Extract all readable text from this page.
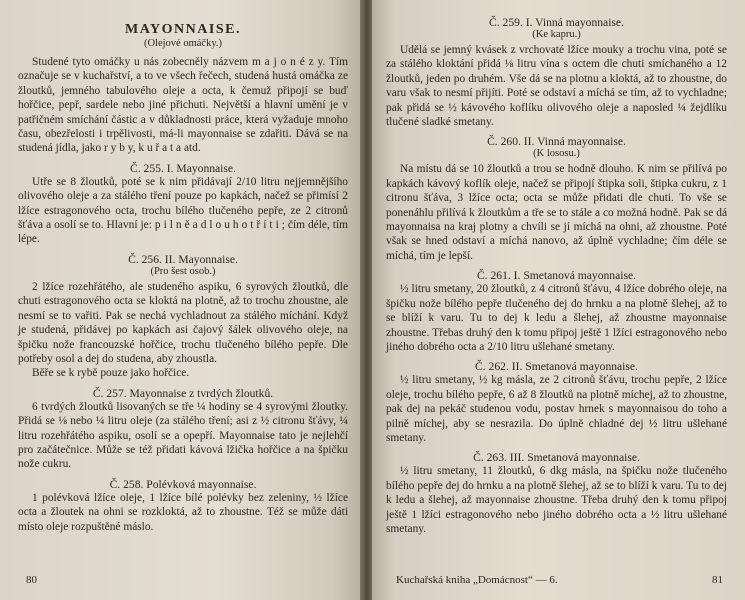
MAYONNAISE.
(Olejové omáčky.)

Studené tyto omáčky u nás zobecněly názvem m a j o n é z y. Tím označuje se v kuchařství, a to ve všech řečech, studená hustá omáčka ze žloutků, jemného tabulového oleje a octa, k čemuž připojí se buď hořčice, pepř, sardele nebo jiné přichuti. Největší a hlavní umění je v patřičném smíchání částic a v důkladnosti práce, která vyžaduje mnoho času, obezřelosti i trpělivosti, má-li mayonnaise se zdařiti. Dává se na studená jídla, jako r y b y, k u ř a t a atd.

Č. 255. I. Mayonnaise.

Utře se 8 žloutků, poté se k nim přidávají 2/10 litru nejjemnějšího olivového oleje a za stálého tření pouze po kapkách, načež se přimísí 2 lžíce estragonového octa, trochu bílého tlučeného pepře, ze 2 citronů šťáva a osolí se to. Hlavní je: p i l n ě a d l o u h o t ř í t i ; čím déle, tím lépe.

Č. 256. II. Mayonnaise.
(Pro šest osob.)

2 lžíce rozehřátého, ale studeného aspiku, 6 syrových žloutků, dle chuti estragonového octa se kloktá na plotně, až to trochu zhoustne, ale nesmí se to vařiti. Pak se nechá vychladnout za stálého míchání. Když je studená, přidávej po kapkách asi čajový šálek olivového oleje, na špičku nože francouzské hořčice, trochu tlučeného bílého pepře. Dle potřeby osol a dej do studena, aby zhoustla.

Běře se k rybě pouze jako hořčice.

Č. 257. Mayonnaise z tvrdých žloutků.

6 tvrdých žloutků lisovaných se tře ¼ hodiny se 4 syrovými žloutky. Přidá se ⅛ nebo ¼ litru oleje (za stálého tření; asi z ½ citronu šťávy, ¼ litru rozehřátého aspiku, osolí se a opepří. Mayonnaise tato je nejlehčí pro začátečnice. Může se též přidati kávová lžička hořčice a na špičku nože cukru.

Č. 258. Polévková mayonnaise.

1 polévková lžíce oleje, 1 lžíce bílé polévky bez zeleniny, ½ lžíce octa a žloutek na ohni se rozkloktá, až to zhoustne. Též se může dáti místo oleje rozpuštěné máslo.

80
Č. 259. I. Vinná mayonnaise.
(Ke kapru.)

Udělá se jemný kvásek z vrchovaté lžíce mouky a trochu vina, poté se za stálého kloktání přidá ⅛ litru vína s octem dle chuti smíchaného a 12 žloutků, jeden po druhém. Vše dá se na plotnu a kloktá, až to zhoustne, do varu však to nesmí přijíti. Poté se odstaví a míchá se tím, až to vychladne; pak přidá se ½ kávového koflíku olivového oleje a naposled ¼ žejdlíku tlučené sladké smetany.

Č. 260. II. Vinná mayonnaise.
(K lososu.)

Na místu dá se 10 žloutků a trou se hodně dlouho. K nim se přilívá po kapkách kávový koflík oleje, načež se připojí štipka soli, štipka cukru, z 1 citronu šťáva, 3 lžíce octa; octa se může přidati dle chuti. To vše se ponenáhlu přilívá k žloutkům a tře se to stále a co možná hodně. Pak se dá mayonnaisa na kraj plotny a chvíli se jí míchá na ohni, až zhoustne. Poté však se hned odstaví a míchá nanovo, až úplně vychladne; čím déle se míchá, tím je lepší.

Č. 261. I. Smetanová mayonnaise.

½ litru smetany, 20 žloutků, z 4 citronů šťávu, 4 lžíce dobrého oleje, na špičku nože bílého pepře tlučeného dej do hrnku a na plotně šlehej, až to se blíží k varu. Tu to dej k ledu a šlehej, až zhoustne mayonnaise zhoustne. Třebas druhý den k tomu připoj ještě 1 lžíci estragonového nebo jiného dobrého octa a 2/10 litru ušlehané smetany.

Č. 262. II. Smetanová mayonnaise.

½ litru smetany, ½ kg másla, ze 2 citronů šťávu, trochu pepře, 2 lžíce oleje, trochu bílého pepře, 6 až 8 žloutků na plotně míchej, až to zhoustne, pak dej na pekáč studenou vodu, postav hrnek s mayonnaisou do toho a pilně míchej, aby se nesrazila. Do úplně chladné dej ½ litru ušlehané smetany.

Č. 263. III. Smetanová mayonnaise.

½ litru smetany, 11 žloutků, 6 dkg másla, na špičku nože tlučeného bílého pepře dej do hrnku a na plotně šlehej, až se to blíží k varu. Tu to dej k ledu a šlehej, až mayonnaise zhoustne. Třeba druhý den k tomu připoj ještě 1 lžíci estragonového nebo jiného dobrého octa a ½ litru ušlehané smetany.

Kuchařská kniha „Domácnost“ — 6.	81
